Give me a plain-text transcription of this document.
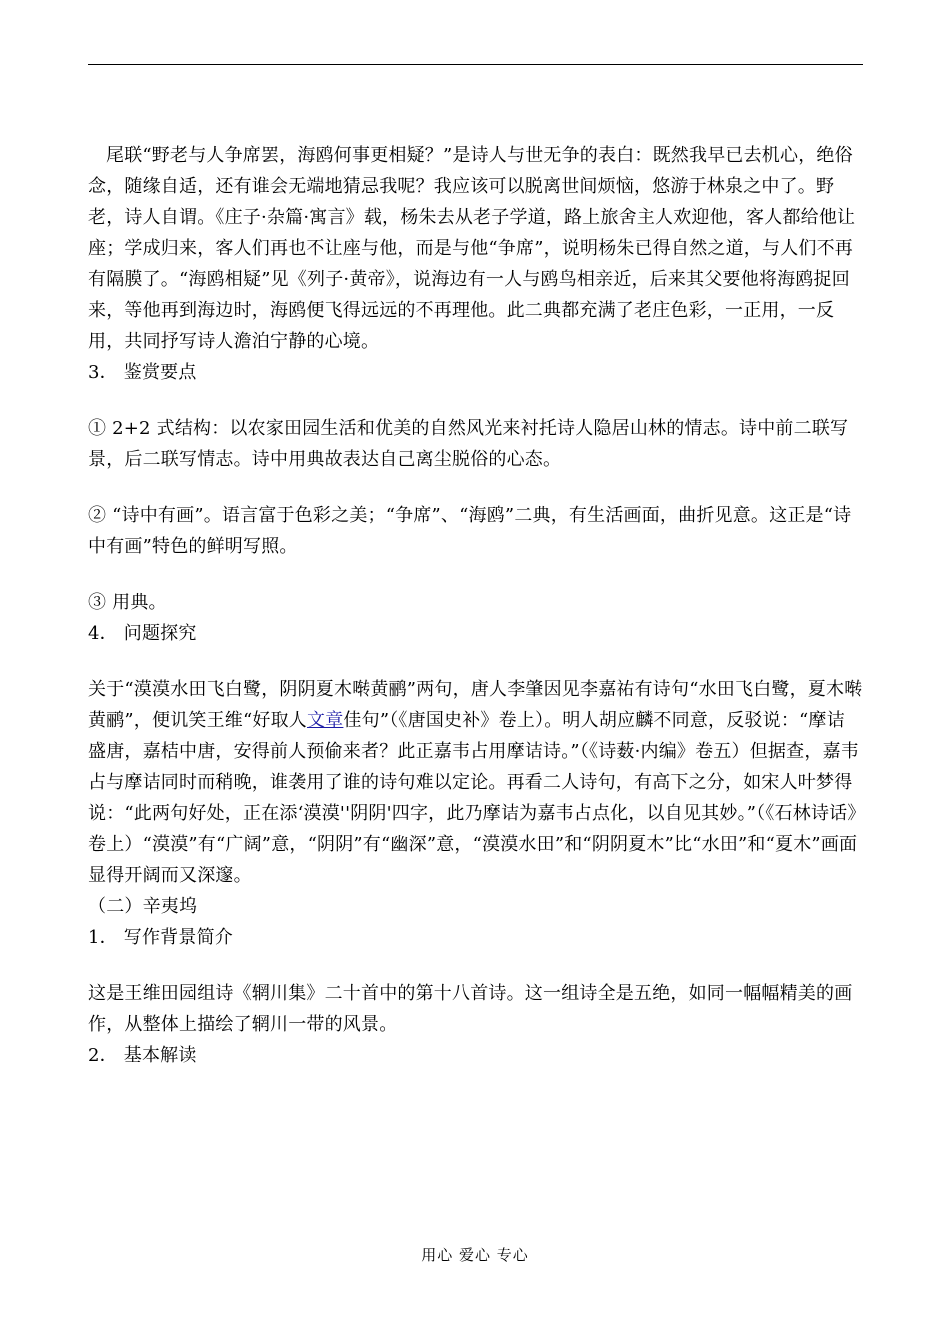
尾联“野老与人争席罢，海鸥何事更相疑？”是诗人与世无争的表白：既然我早已去机心，绝俗念，随缘自适，还有谁会无端地猜忌我呢？我应该可以脱离世间烦恼，悠游于林泉之中了。野老，诗人自谓。《庄子·杂篇·寓言》载，杨朱去从老子学道，路上旅舍主人欢迎他，客人都给他让座；学成归来，客人们再也不让座与他，而是与他“争席”，说明杨朱已得自然之道，与人们不再有隔膜了。“海鸥相疑”见《列子·黄帝》，说海边有一人与鸥鸟相亲近，后来其父要他将海鸥捉回来，等他再到海边时，海鸥便飞得远远的不再理他。此二典都充满了老庄色彩，一正用，一反用，共同抒写诗人澹泊宁静的心境。

3． 鉴赏要点

① 2+2 式结构：以农家田园生活和优美的自然风光来衬托诗人隐居山林的情志。诗中前二联写景，后二联写情志。诗中用典故表达自己离尘脱俗的心态。

② “诗中有画”。语言富于色彩之美；“争席”、“海鸥”二典，有生活画面，曲折见意。这正是“诗中有画”特色的鲜明写照。

③ 用典。

4． 问题探究

关于“漠漠水田飞白鹭，阴阴夏木啭黄鹂”两句，唐人李肇因见李嘉祐有诗句“水田飞白鹭，夏木啭黄鹂”，便讥笑王维“好取人文章佳句”（《唐国史补》卷上）。明人胡应麟不同意，反驳说：“摩诘盛唐，嘉桔中唐，安得前人预偷来者？此正嘉韦占用摩诘诗。”（《诗薮·内编》卷五）但据查，嘉韦占与摩诘同时而稍晚，谁袭用了谁的诗句难以定论。再看二人诗句，有高下之分，如宋人叶梦得说：“此两句好处，正在添‘漠漠''阴阴'四字，此乃摩诘为嘉韦占点化，以自见其妙。”（《石林诗话》卷上）“漠漠”有“广阔”意，“阴阴”有“幽深”意，“漠漠水田”和“阴阴夏木”比“水田”和“夏木”画面显得开阔而又深邃。

（二）辛夷坞

1． 写作背景简介

这是王维田园组诗《辋川集》二十首中的第十八首诗。这一组诗全是五绝，如同一幅幅精美的画作，从整体上描绘了辋川一带的风景。

2． 基本解读

用心 爱心 专心
